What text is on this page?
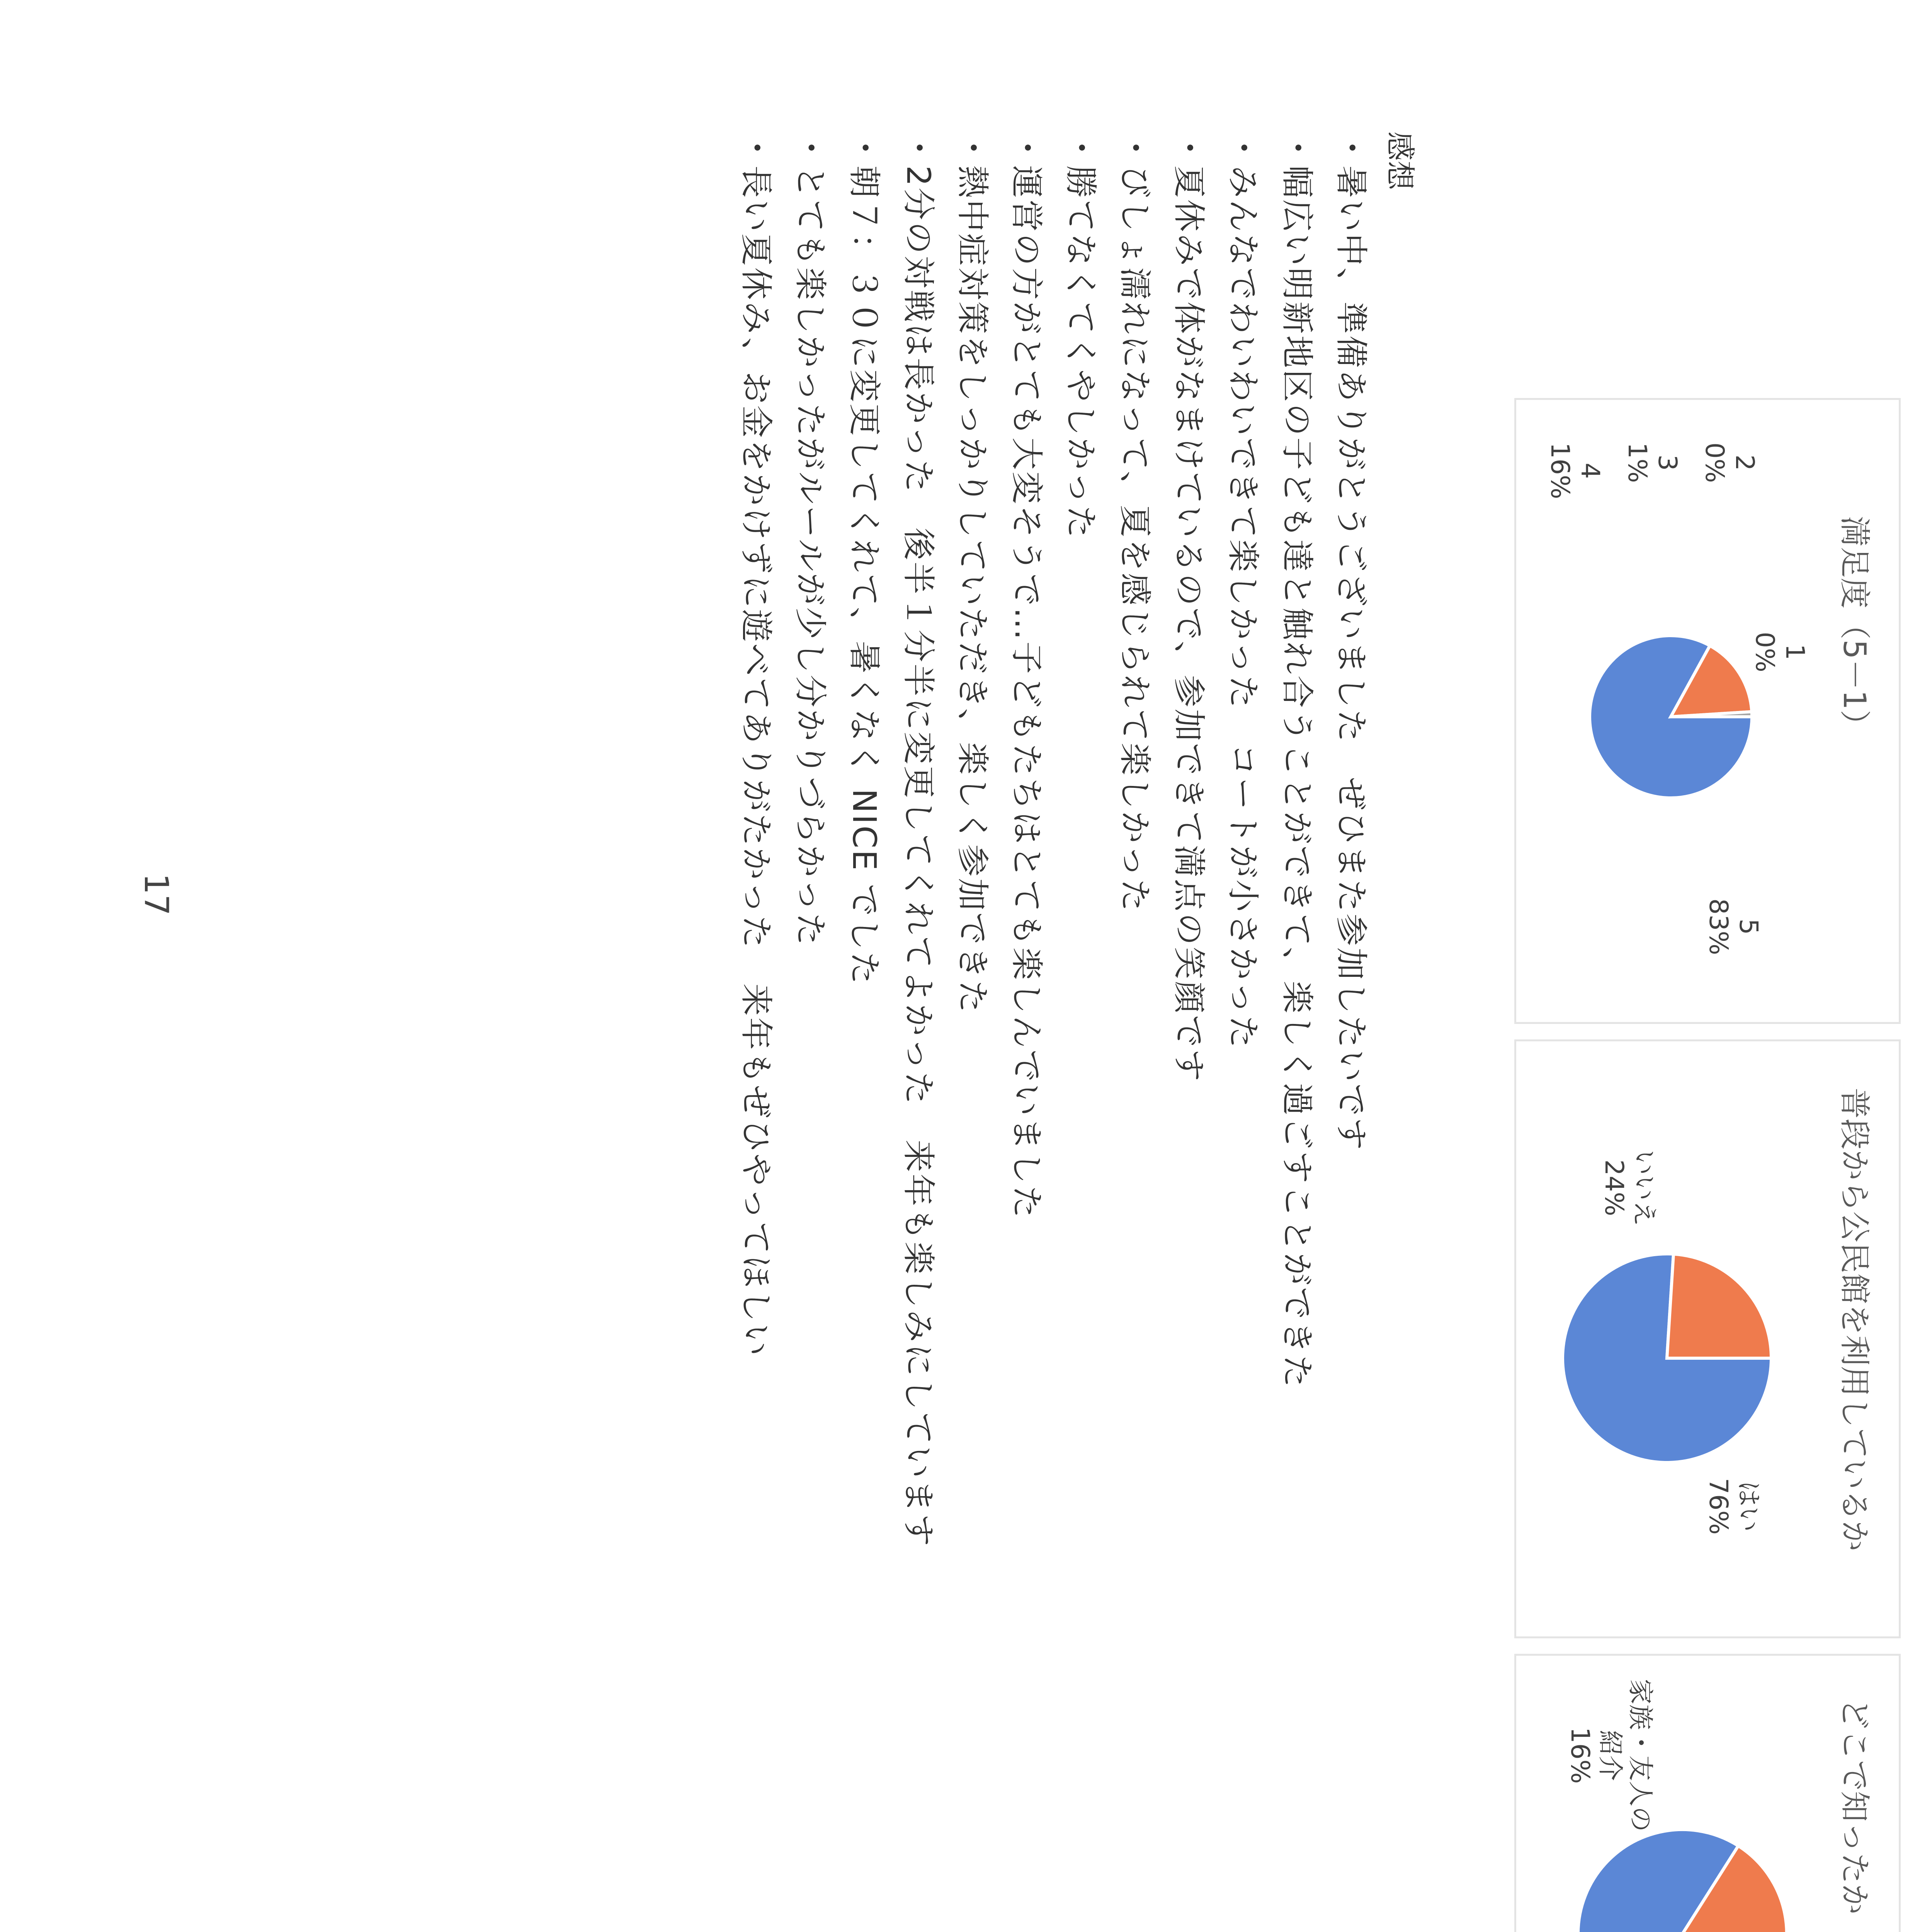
満足度（5－1）
5
83%
4
16%	3
1%	2
0%
1
0%
普段から公民館を利用しているか
いいえ
24%
はい
76%
どこで知ったか
家族・友人の
紹介
16%
感想
・暑い中、準備ありがとうございました　ぜひまた参加したいです
・幅広い明新地区の子ども達と触れ合うことができて、楽しく過ごすことができた
・みんなでわいわいできて楽しかった　コートが小さかった
・夏休みで体がなまけているので、参加できて満点の笑顔です
・びしょ濡れになって、夏を感じられて楽しかった
・勝てなくてくやしかった
・運営の方がとても大変そうで…子どもたちはとても楽しんでいました
・熱中症対策をしっかりしていただき、楽しく参加できた
・2分の対戦は長かった　後半１分半に変更してくれてよかった　来年も楽しみにしています
・朝７：３０に変更してくれて、暑くなく NICE でした
・とても楽しかったがルールが少し分かりづらかった
・長い夏休み、お金をかけずに遊べてありがたかった　来年もぜひやってほしい
17
